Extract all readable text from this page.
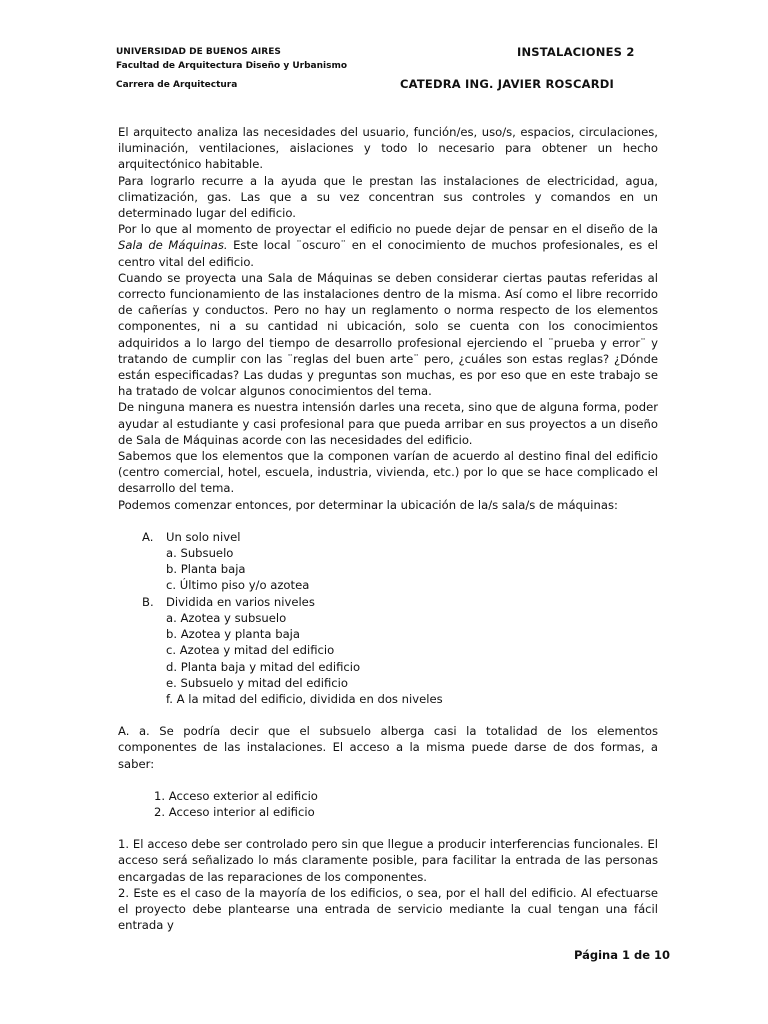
UNIVERSIDAD DE BUENOS AIRES
Facultad de Arquitectura Diseño y Urbanismo
Carrera de Arquitectura
INSTALACIONES 2
CATEDRA ING. JAVIER ROSCARDI

El arquitecto analiza las necesidades del usuario, función/es, uso/s, espacios, circulaciones, iluminación, ventilaciones, aislaciones y todo lo necesario para obtener un hecho arquitectónico habitable.

Para lograrlo recurre a la ayuda que le prestan las instalaciones de electricidad, agua, climatización, gas. Las que a su vez concentran sus controles y comandos en un determinado lugar del edificio.

Por lo que al momento de proyectar el edificio no puede dejar de pensar en el diseño de la Sala de Máquinas. Este local ¨oscuro¨ en el conocimiento de muchos profesionales, es el centro vital del edificio.

Cuando se proyecta una Sala de Máquinas se deben considerar ciertas pautas referidas al correcto funcionamiento de las instalaciones dentro de la misma. Así como el libre recorrido de cañerías y conductos. Pero no hay un reglamento o norma respecto de los elementos componentes, ni a su cantidad ni ubicación, solo se cuenta con los conocimientos adquiridos a lo largo del tiempo de desarrollo profesional ejerciendo el ¨prueba y error¨ y tratando de cumplir con las ¨reglas del buen arte¨ pero, ¿cuáles son estas reglas? ¿Dónde están especificadas? Las dudas y preguntas son muchas, es por eso que en este trabajo se ha tratado de volcar algunos conocimientos del tema.

De ninguna manera es nuestra intensión darles una receta, sino que de alguna forma, poder ayudar al estudiante y casi profesional para que pueda arribar en sus proyectos a un diseño de Sala de Máquinas acorde con las necesidades del edificio.

Sabemos que los elementos que la componen varían de acuerdo al destino final del edificio (centro comercial, hotel, escuela, industria, vivienda, etc.) por lo que se hace complicado el desarrollo del tema.

Podemos comenzar entonces, por determinar la ubicación de la/s sala/s de máquinas:

A. Un solo nivel
a. Subsuelo
b. Planta baja
c. Último piso y/o azotea
B. Dividida en varios niveles
a. Azotea y subsuelo
b. Azotea y planta baja
c. Azotea y mitad del edificio
d. Planta baja y mitad del edificio
e. Subsuelo y mitad del edificio
f. A la mitad del edificio, dividida en dos niveles

A. a. Se podría decir que el subsuelo alberga casi la totalidad de los elementos componentes de las instalaciones. El acceso a la misma puede darse de dos formas, a saber:

1. Acceso exterior al edificio
2. Acceso interior al edificio

1. El acceso debe ser controlado pero sin que llegue a producir interferencias funcionales. El acceso será señalizado lo más claramente posible, para facilitar la entrada de las personas encargadas de las reparaciones de los componentes.

2. Este es el caso de la mayoría de los edificios, o sea, por el hall del edificio. Al efectuarse el proyecto debe plantearse una entrada de servicio mediante la cual tengan una fácil entrada y

Página 1 de 10
